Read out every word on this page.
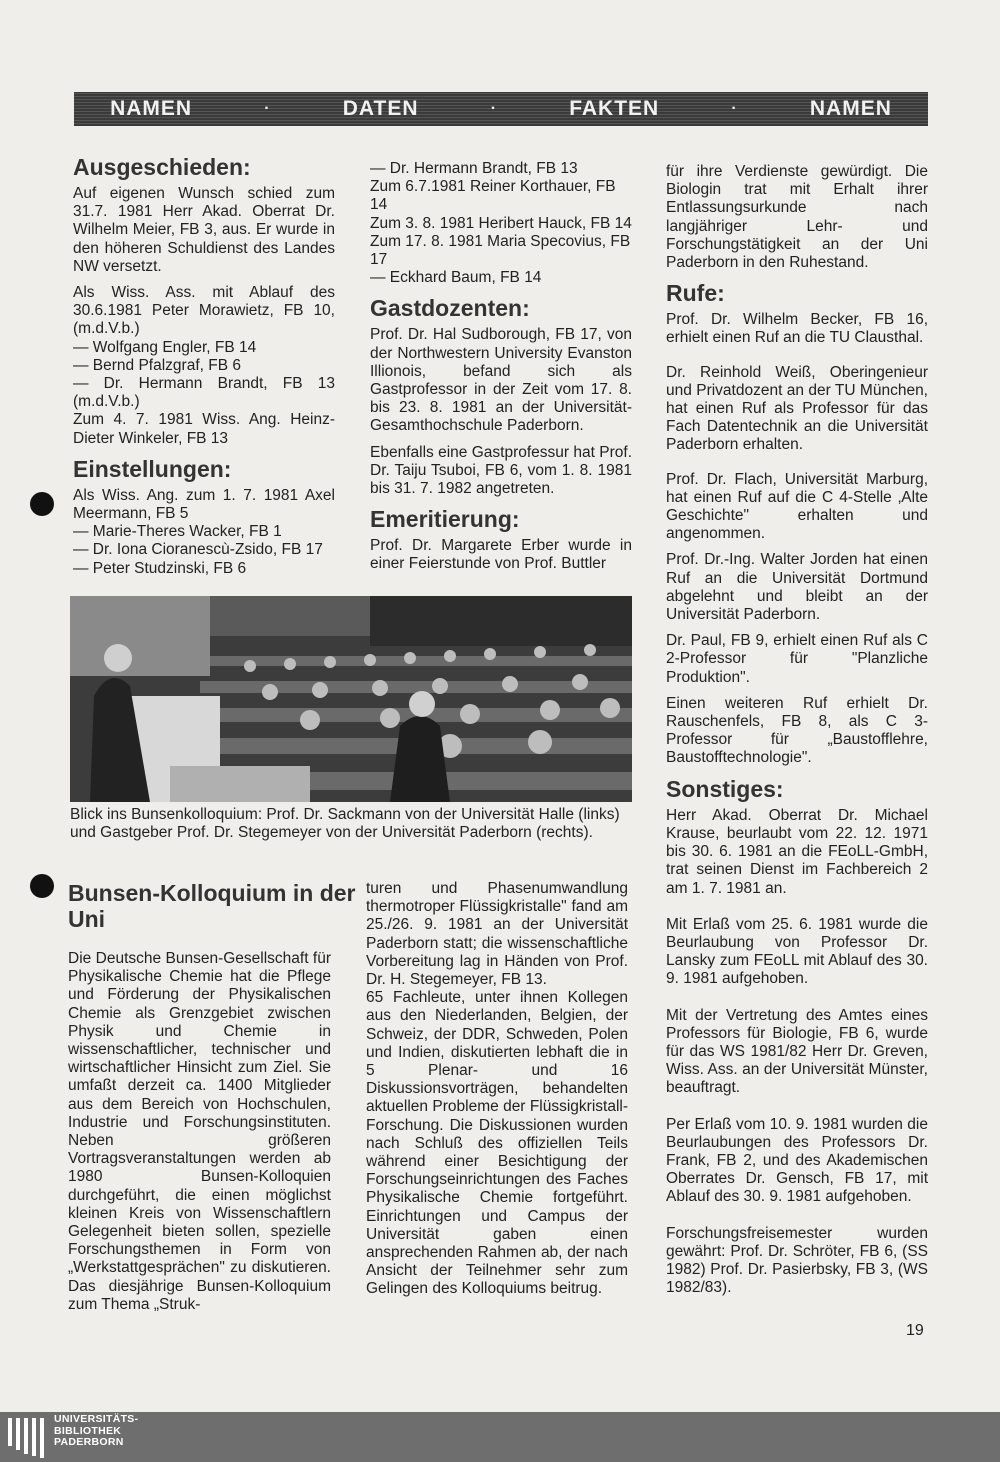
NAMEN	·	DATEN	·	FAKTEN	·	NAMEN
Ausgeschieden:

Auf eigenen Wunsch schied zum 31.7. 1981 Herr Akad. Oberrat Dr. Wilhelm Meier, FB 3, aus. Er wurde in den höheren Schuldienst des Landes NW versetzt.

Als Wiss. Ass. mit Ablauf des 30.6.1981 Peter Morawietz, FB 10, (m.d.V.b.)

— Wolfgang Engler, FB 14
— Bernd Pfalzgraf, FB 6

— Dr. Hermann Brandt, FB 13 (m.d.V.b.)

Zum 4. 7. 1981 Wiss. Ang. Heinz-Dieter Winkeler, FB 13

Einstellungen:

Als Wiss. Ang. zum 1. 7. 1981 Axel Meermann, FB 5

— Marie-Theres Wacker, FB 1
— Dr. Iona Cioranescù-Zsido, FB 17
— Peter Studzinski, FB 6
— Dr. Hermann Brandt, FB 13
Zum 6.7.1981 Reiner Korthauer, FB 14
Zum 3. 8. 1981 Heribert Hauck, FB 14
Zum 17. 8. 1981 Maria Specovius, FB 17
— Eckhard Baum, FB 14
Gastdozenten:

Prof. Dr. Hal Sudborough, FB 17, von der Northwestern University Evanston Illionois, befand sich als Gastprofessor in der Zeit vom 17. 8. bis 23. 8. 1981 an der Universität-Gesamthochschule Paderborn.

Ebenfalls eine Gastprofessur hat Prof. Dr. Taiju Tsuboi, FB 6, vom 1. 8. 1981 bis 31. 7. 1982 angetreten.

Emeritierung:

Prof. Dr. Margarete Erber wurde in einer Feierstunde von Prof. Buttler

für ihre Verdienste gewürdigt. Die Biologin trat mit Erhalt ihrer Entlassungsurkunde nach langjähriger Lehr- und Forschungstätigkeit an der Uni Paderborn in den Ruhestand.

Rufe:

Prof. Dr. Wilhelm Becker, FB 16, erhielt einen Ruf an die TU Clausthal.

Dr. Reinhold Weiß, Oberingenieur und Privatdozent an der TU München, hat einen Ruf als Professor für das Fach Datentechnik an die Universität Paderborn erhalten.

Prof. Dr. Flach, Universität Marburg, hat einen Ruf auf die C 4-Stelle ‚Alte Geschichte" erhalten und angenommen.

Prof. Dr.-Ing. Walter Jorden hat einen Ruf an die Universität Dortmund abgelehnt und bleibt an der Universität Paderborn.

Dr. Paul, FB 9, erhielt einen Ruf als C 2-Professor für "Planzliche Produktion".

Einen weiteren Ruf erhielt Dr. Rauschenfels, FB 8, als C 3-Professor für „Baustofflehre, Baustofftechnologie".

Sonstiges:

Herr Akad. Oberrat Dr. Michael Krause, beurlaubt vom 22. 12. 1971 bis 30. 6. 1981 an die FEoLL-GmbH, trat seinen Dienst im Fachbereich 2 am 1. 7. 1981 an.

Mit Erlaß vom 25. 6. 1981 wurde die Beurlaubung von Professor Dr. Lansky zum FEoLL mit Ablauf des 30. 9. 1981 aufgehoben.

Mit der Vertretung des Amtes eines Professors für Biologie, FB 6, wurde für das WS 1981/82 Herr Dr. Greven, Wiss. Ass. an der Universität Münster, beauftragt.

Per Erlaß vom 10. 9. 1981 wurden die Beurlaubungen des Professors Dr. Frank, FB 2, und des Akademischen Oberrates Dr. Gensch, FB 17, mit Ablauf des 30. 9. 1981 aufgehoben.

Forschungsfreisemester wurden gewährt: Prof. Dr. Schröter, FB 6, (SS 1982) Prof. Dr. Pasierbsky, FB 3, (WS 1982/83).

Blick ins Bunsenkolloquium: Prof. Dr. Sackmann von der Universität Halle (links) und Gastgeber Prof. Dr. Stegemeyer von der Universität Paderborn (rechts).
Bunsen-Kolloquium in der Uni

Die Deutsche Bunsen-Gesellschaft für Physikalische Chemie hat die Pflege und Förderung der Physikalischen Chemie als Grenzgebiet zwischen Physik und Chemie in wissenschaftlicher, technischer und wirtschaftlicher Hinsicht zum Ziel. Sie umfaßt derzeit ca. 1400 Mitglieder aus dem Bereich von Hochschulen, Industrie und Forschungsinstituten. Neben größeren Vortragsveranstaltungen werden ab 1980 Bunsen-Kolloquien durchgeführt, die einen möglichst kleinen Kreis von Wissenschaftlern Gelegenheit bieten sollen, spezielle Forschungsthemen in Form von „Werkstattgesprächen" zu diskutieren. Das diesjährige Bunsen-Kolloquium zum Thema „Struk-

turen und Phasenumwandlung thermotroper Flüssigkristalle" fand am 25./26. 9. 1981 an der Universität Paderborn statt; die wissenschaftliche Vorbereitung lag in Händen von Prof. Dr. H. Stegemeyer, FB 13.

65 Fachleute, unter ihnen Kollegen aus den Niederlanden, Belgien, der Schweiz, der DDR, Schweden, Polen und Indien, diskutierten lebhaft die in 5 Plenar- und 16 Diskussionsvorträgen, behandelten aktuellen Probleme der Flüssigkristall-Forschung. Die Diskussionen wurden nach Schluß des offiziellen Teils während einer Besichtigung der Forschungseinrichtungen des Faches Physikalische Chemie fortgeführt. Einrichtungen und Campus der Universität gaben einen ansprechenden Rahmen ab, der nach Ansicht der Teilnehmer sehr zum Gelingen des Kolloquiums beitrug.

19
UNIVERSITÄTS-
BIBLIOTHEK
PADERBORN
